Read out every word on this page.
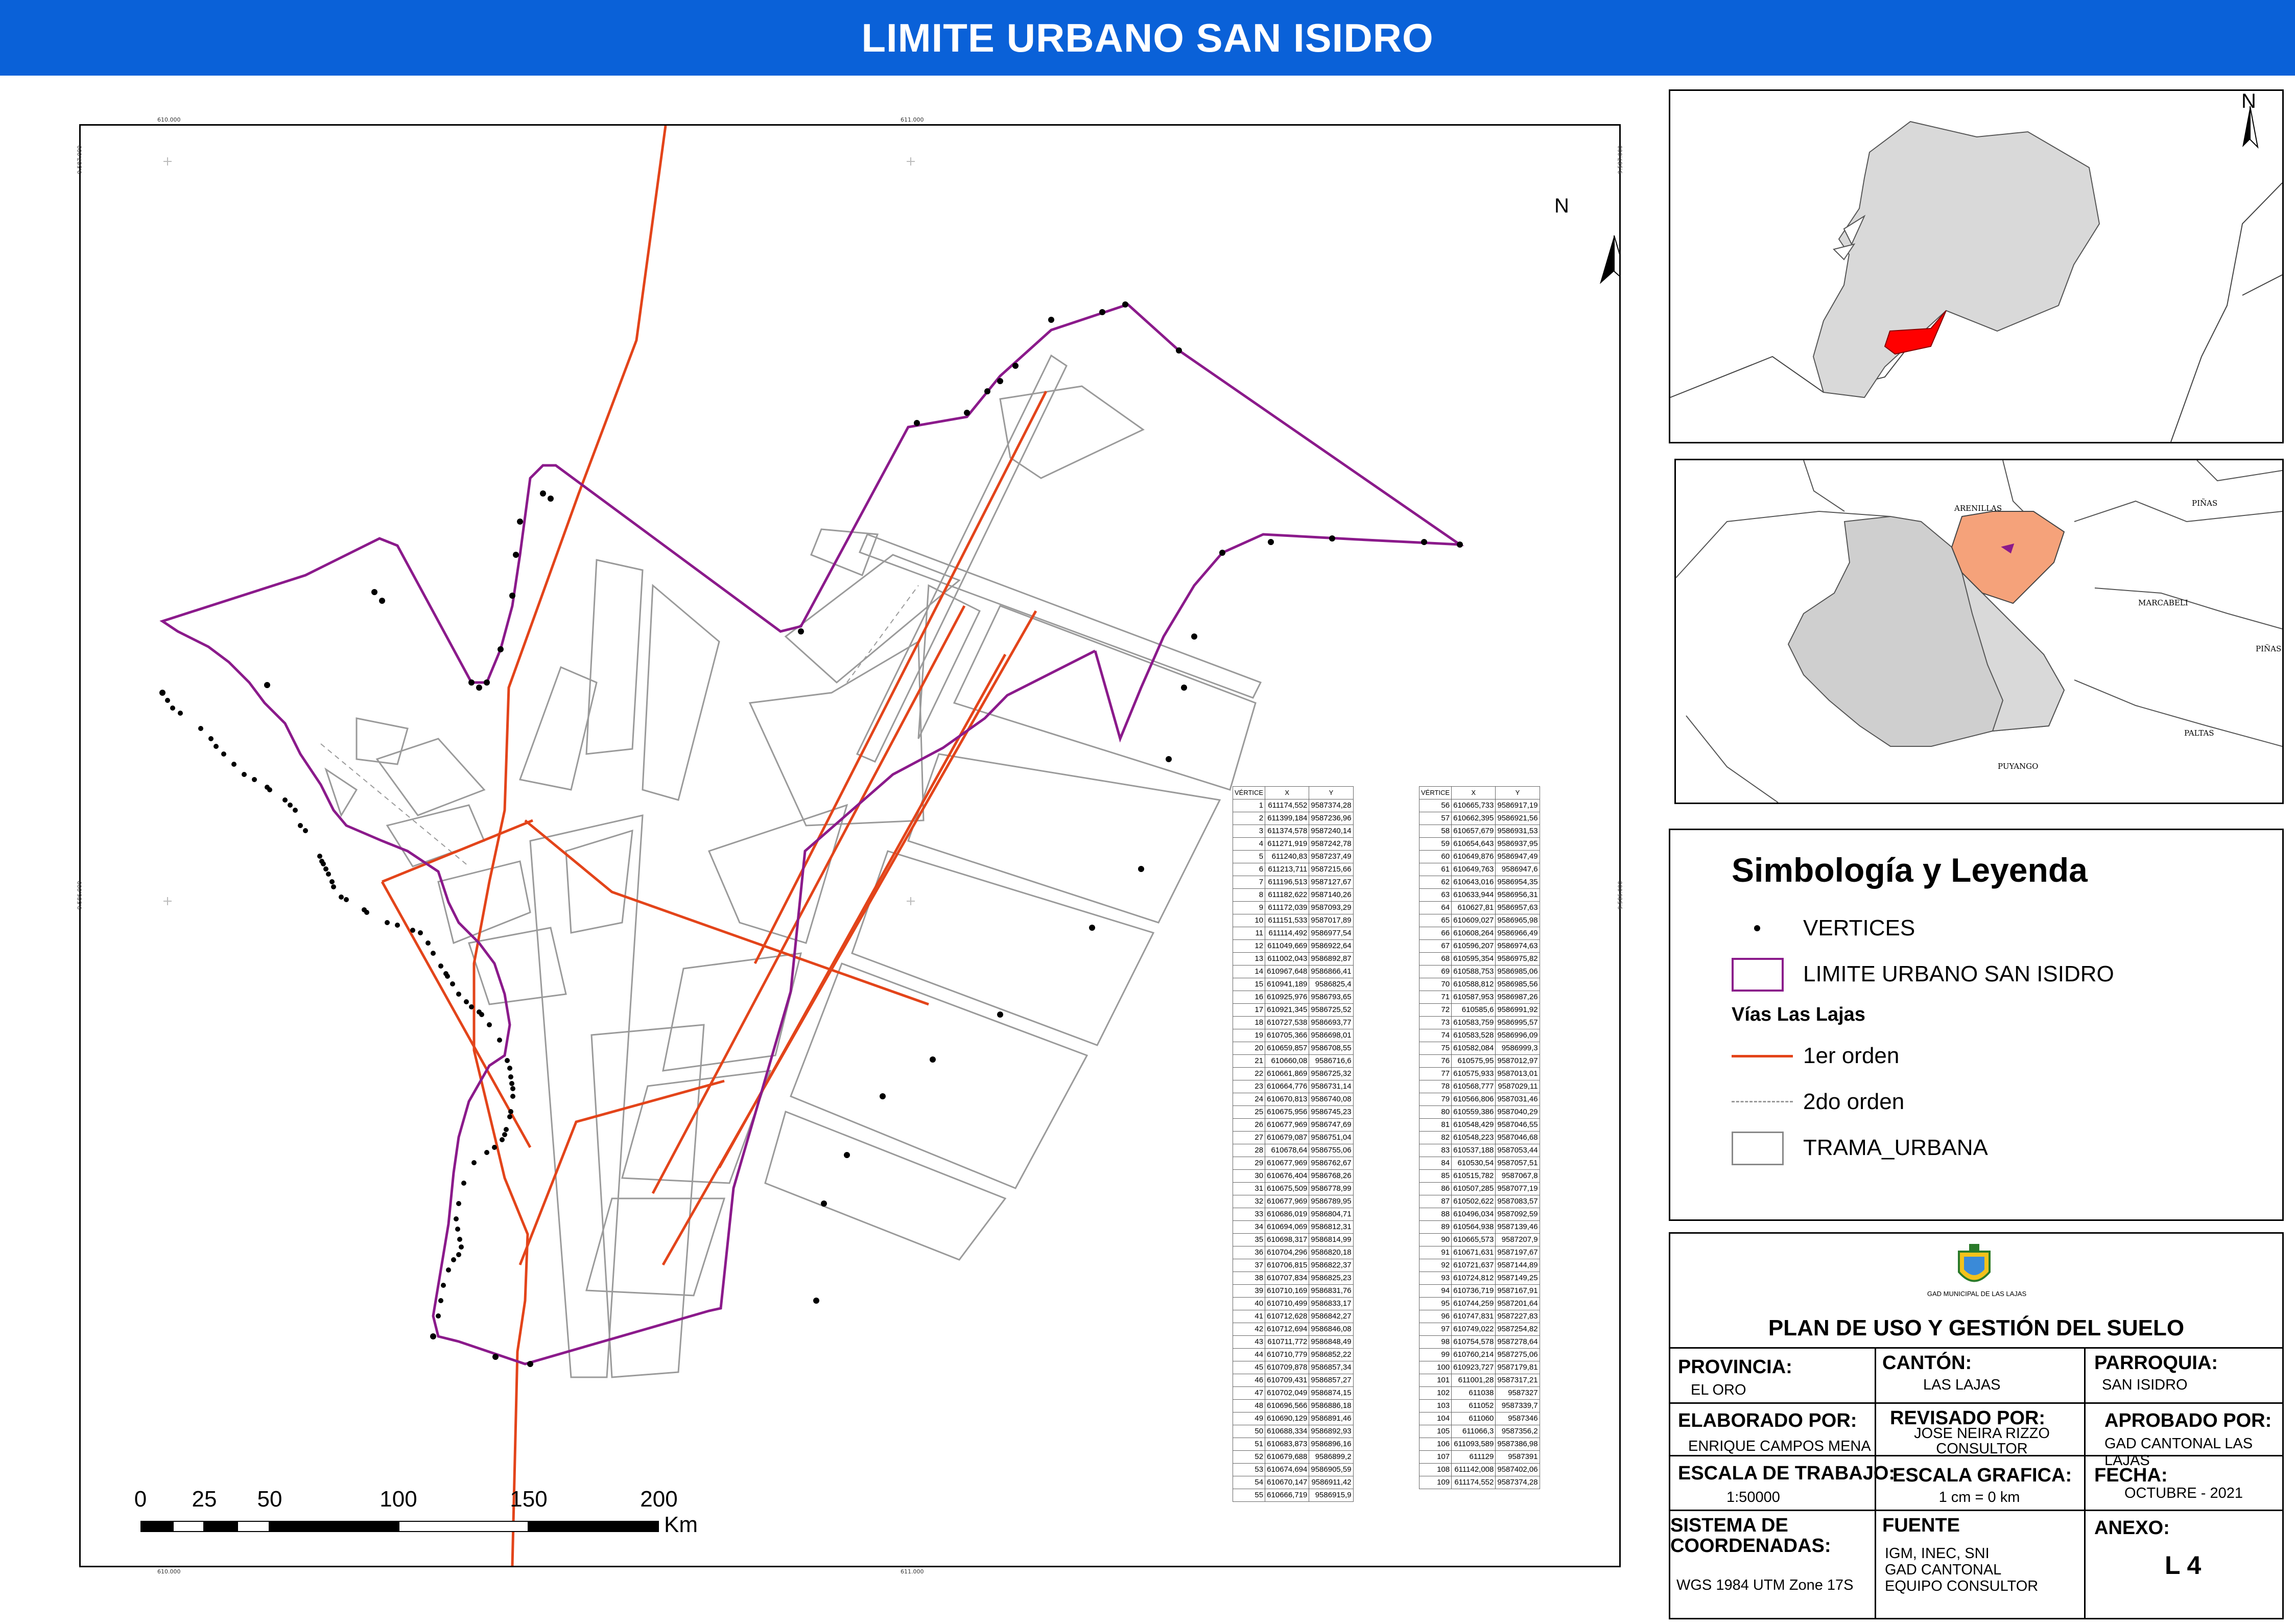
LIMITE URBANO SAN ISIDRO
610.000	611.000
610.000	611.000
9.587.000
9.586.000
9.587.000
9.586.000
N
VÉRTICE	X	Y
1	611174,552	9587374,28
2	611399,184	9587236,96
3	611374,578	9587240,14
4	611271,919	9587242,78
5	611240,83	9587237,49
6	611213,711	9587215,66
7	611196,513	9587127,67
8	611182,622	9587140,26
9	611172,039	9587093,29
10	611151,533	9587017,89
11	611114,492	9586977,54
12	611049,669	9586922,64
13	611002,043	9586892,87
14	610967,648	9586866,41
15	610941,189	9586825,4
16	610925,976	9586793,65
17	610921,345	9586725,52
18	610727,538	9586693,77
19	610705,366	9586698,01
20	610659,857	9586708,55
21	610660,08	9586716,6
22	610661,869	9586725,32
23	610664,776	9586731,14
24	610670,813	9586740,08
25	610675,956	9586745,23
26	610677,969	9586747,69
27	610679,087	9586751,04
28	610678,64	9586755,06
29	610677,969	9586762,67
30	610676,404	9586768,26
31	610675,509	9586778,99
32	610677,969	9586789,95
33	610686,019	9586804,71
34	610694,069	9586812,31
35	610698,317	9586814,99
36	610704,296	9586820,18
37	610706,815	9586822,37
38	610707,834	9586825,23
39	610710,169	9586831,76
40	610710,499	9586833,17
41	610712,628	9586842,27
42	610712,694	9586846,08
43	610711,772	9586848,49
44	610710,779	9586852,22
45	610709,878	9586857,34
46	610709,431	9586857,27
47	610702,049	9586874,15
48	610696,566	9586886,18
49	610690,129	9586891,46
50	610688,334	9586892,93
51	610683,873	9586896,16
52	610679,688	9586899,2
53	610674,694	9586905,59
54	610670,147	9586911,42
55	610666,719	9586915,9
VÉRTICE	X	Y
56	610665,733	9586917,19
57	610662,395	9586921,56
58	610657,679	9586931,53
59	610654,643	9586937,95
60	610649,876	9586947,49
61	610649,763	9586947,6
62	610643,016	9586954,35
63	610633,944	9586956,31
64	610627,81	9586957,63
65	610609,027	9586965,98
66	610608,264	9586966,49
67	610596,207	9586974,63
68	610595,354	9586975,82
69	610588,753	9586985,06
70	610588,812	9586985,56
71	610587,953	9586987,26
72	610585,6	9586991,92
73	610583,759	9586995,57
74	610583,528	9586996,09
75	610582,084	9586999,3
76	610575,95	9587012,97
77	610575,933	9587013,01
78	610568,777	9587029,11
79	610566,806	9587031,46
80	610559,386	9587040,29
81	610548,429	9587046,55
82	610548,223	9587046,68
83	610537,188	9587053,44
84	610530,54	9587057,51
85	610515,782	9587067,8
86	610507,285	9587077,19
87	610502,622	9587083,57
88	610496,034	9587092,59
89	610564,938	9587139,46
90	610665,573	9587207,9
91	610671,631	9587197,67
92	610721,637	9587144,89
93	610724,812	9587149,25
94	610736,719	9587167,91
95	610744,259	9587201,64
96	610747,831	9587227,83
97	610749,022	9587254,82
98	610754,578	9587278,64
99	610760,214	9587275,06
100	610923,727	9587179,81
101	611001,28	9587317,21
102	611038	9587327
103	611052	9587339,7
104	611060	9587346
105	611066,3	9587356,2
106	611093,589	9587386,98
107	611129	9587391
108	611142,008	9587402,06
109	611174,552	9587374,28
0 25 50	100	150	200
Km
N
ARENILLAS
PIÑAS
MARCABELI
PIÑAS
PALTAS
PUYANGO
Simbología y Leyenda
VERTICES
LIMITE URBANO SAN ISIDRO
Vías Las Lajas
1er orden
2do orden
TRAMA_URBANA
GAD MUNICIPAL DE LAS LAJAS
PLAN DE USO Y GESTIÓN DEL SUELO
PROVINCIA:
EL ORO
CANTÓN:
LAS LAJAS
PARROQUIA:
SAN ISIDRO
ELABORADO POR:
ENRIQUE CAMPOS MENA
REVISADO POR:
JOSE NEIRA RIZZO
CONSULTOR
APROBADO POR:
GAD CANTONAL LAS LAJAS
ESCALA DE TRABAJO:
1:50000
ESCALA GRAFICA:
1 cm = 0 km
FECHA:
OCTUBRE - 2021
SISTEMA DE
COORDENADAS:
WGS 1984 UTM Zone 17S
FUENTE
IGM, INEC, SNI
GAD CANTONAL
EQUIPO CONSULTOR
ANEXO:
L 4
